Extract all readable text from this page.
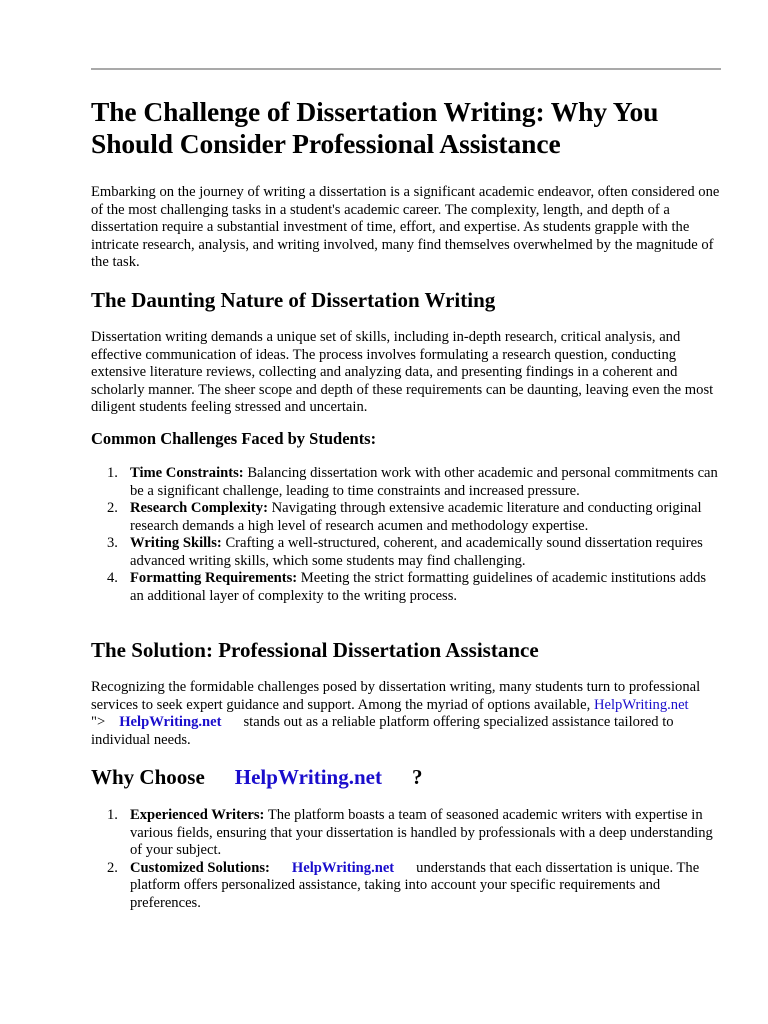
The Challenge of Dissertation Writing: Why You Should Consider Professional Assistance

Embarking on the journey of writing a dissertation is a significant academic endeavor, often considered one of the most challenging tasks in a student's academic career. The complexity, length, and depth of a dissertation require a substantial investment of time, effort, and expertise. As students grapple with the intricate research, analysis, and writing involved, many find themselves overwhelmed by the magnitude of the task.

The Daunting Nature of Dissertation Writing

Dissertation writing demands a unique set of skills, including in-depth research, critical analysis, and effective communication of ideas. The process involves formulating a research question, conducting extensive literature reviews, collecting and analyzing data, and presenting findings in a coherent and scholarly manner. The sheer scope and depth of these requirements can be daunting, leaving even the most diligent students feeling stressed and uncertain.

Common Challenges Faced by Students:
1. Time Constraints: Balancing dissertation work with other academic and personal commitments can be a significant challenge, leading to time constraints and increased pressure.
2. Research Complexity: Navigating through extensive academic literature and conducting original research demands a high level of research acumen and methodology expertise.
3. Writing Skills: Crafting a well-structured, coherent, and academically sound dissertation requires advanced writing skills, which some students may find challenging.
4. Formatting Requirements: Meeting the strict formatting guidelines of academic institutions adds an additional layer of complexity to the writing process.
The Solution: Professional Dissertation Assistance

Recognizing the formidable challenges posed by dissertation writing, many students turn to professional services to seek expert guidance and support. Among the myriad of options available, HelpWriting.net"> HelpWriting.net stands out as a reliable platform offering specialized assistance tailored to individual needs.

Why Choose HelpWriting.net ?
1. Experienced Writers: The platform boasts a team of seasoned academic writers with expertise in various fields, ensuring that your dissertation is handled by professionals with a deep understanding of your subject.
2. Customized Solutions: HelpWriting.net understands that each dissertation is unique. The platform offers personalized assistance, taking into account your specific requirements and preferences.
